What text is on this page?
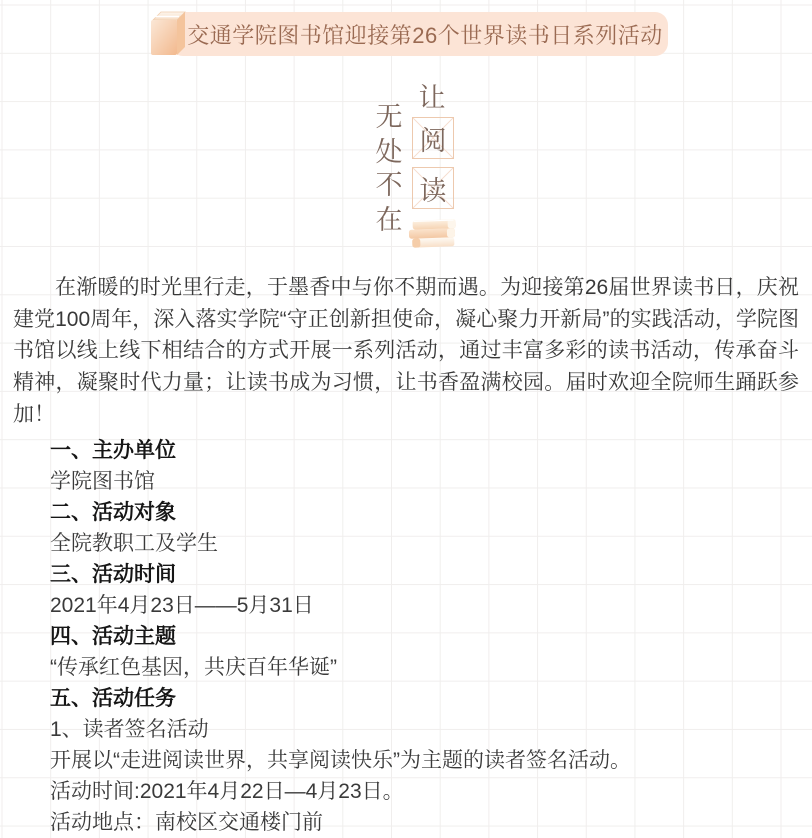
交通学院图书馆迎接第26个世界读书日系列活动
让
阅
读
无
处
不
在

在渐暖的时光里行走，于墨香中与你不期而遇。为迎接第26届世界读书日，庆祝建党100周年，深入落实学院“守正创新担使命，凝心聚力开新局”的实践活动，学院图书馆以线上线下相结合的方式开展一系列活动，通过丰富多彩的读书活动，传承奋斗精神，凝聚时代力量；让读书成为习惯，让书香盈满校园。届时欢迎全院师生踊跃参加！

一、主办单位
学院图书馆
二、活动对象
全院教职工及学生
三、活动时间
2021年4月23日——5月31日
四、活动主题
“传承红色基因，共庆百年华诞”
五、活动任务
1、读者签名活动
开展以“走进阅读世界，共享阅读快乐”为主题的读者签名活动。
活动时间:2021年4月22日—4月23日。
活动地点：南校区交通楼门前
